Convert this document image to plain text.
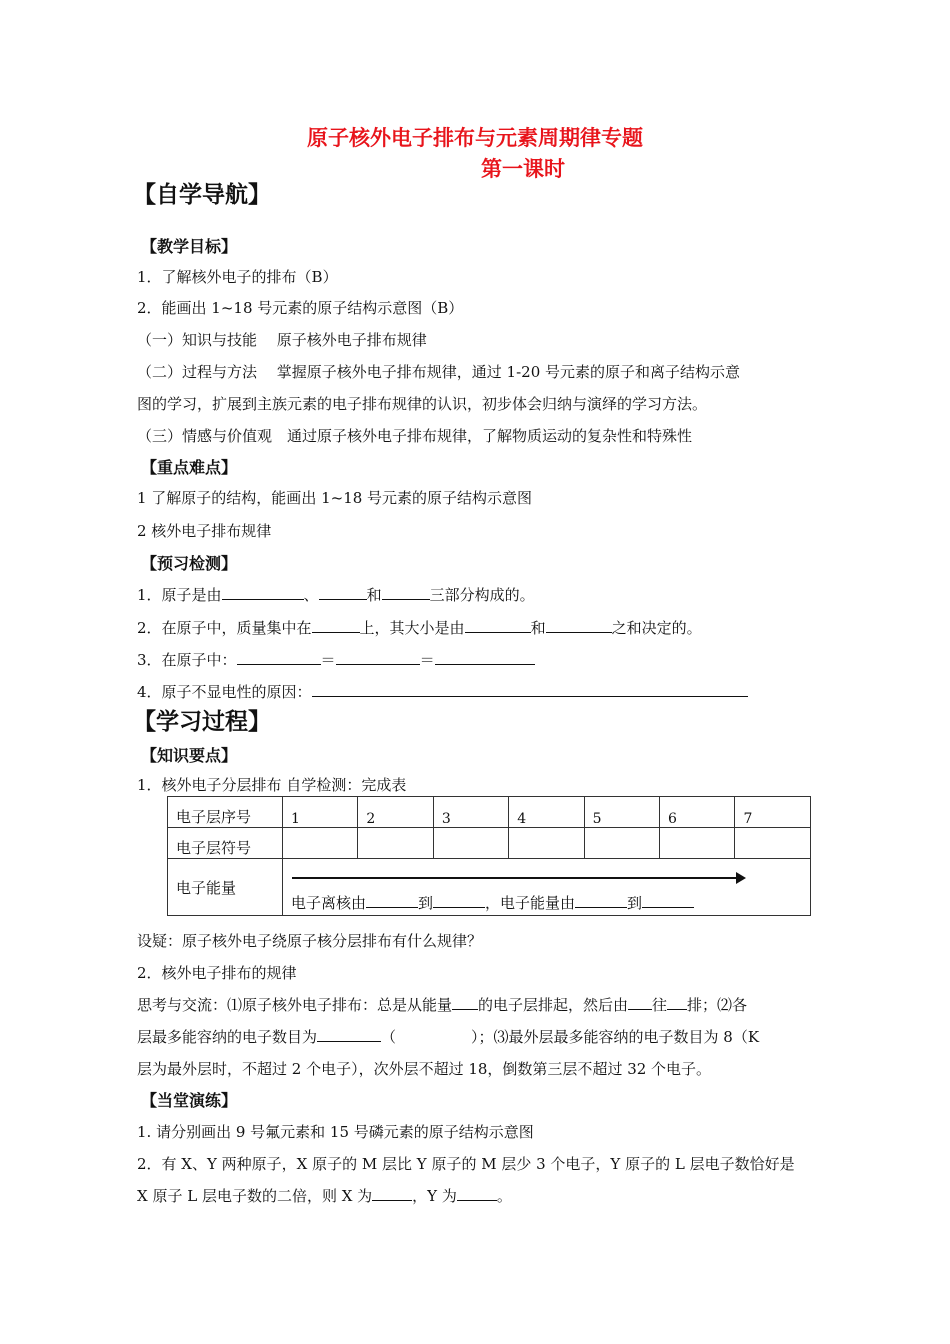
原子核外电子排布与元素周期律专题
第一课时
【自学导航】
【教学目标】
1．了解核外电子的排布（B）
2．能画出 1~18 号元素的原子结构示意图（B）
（一）知识与技能　 原子核外电子排布规律
（二）过程与方法　 掌握原子核外电子排布规律，通过 1-20 号元素的原子和离子结构示意
图的学习，扩展到主族元素的电子排布规律的认识，初步体会归纳与演绎的学习方法。
（三）情感与价值观　通过原子核外电子排布规律，了解物质运动的复杂性和特殊性
【重点难点】
1 了解原子的结构，能画出 1~18 号元素的原子结构示意图
2 核外电子排布规律
【预习检测】
1．原子是由	、	和	三部分构成的。
2．在原子中，质量集中在	上，其大小是由	和	之和决定的。
3．在原子中：	＝	＝
4．原子不显电性的原因：
【学习过程】
【知识要点】
1．核外电子分层排布 自学检测：完成表
电子层序号	1	2	3	4	5	6	7
电子层符号							
电子能量	电子离核由 到 ，电子能量由 到						
设疑：原子核外电子绕原子核分层排布有什么规律？
2．核外电子排布的规律
思考与交流：⑴原子核外电子排布：总是从能量 的电子层排起，然后由 往 排；⑵各
层最多能容纳的电子数目为	（　　　　　）；⑶最外层最多能容纳的电子数目为 8（K
层为最外层时，不超过 2 个电子），次外层不超过 18，倒数第三层不超过 32 个电子。
【当堂演练】
1. 请分别画出 9 号氟元素和 15 号磷元素的原子结构示意图
2．有 X、Y 两种原子，X 原子的 M 层比 Y 原子的 M 层少 3 个电子，Y 原子的 L 层电子数恰好是
X 原子 L 层电子数的二倍，则 X 为	，Y 为	。
